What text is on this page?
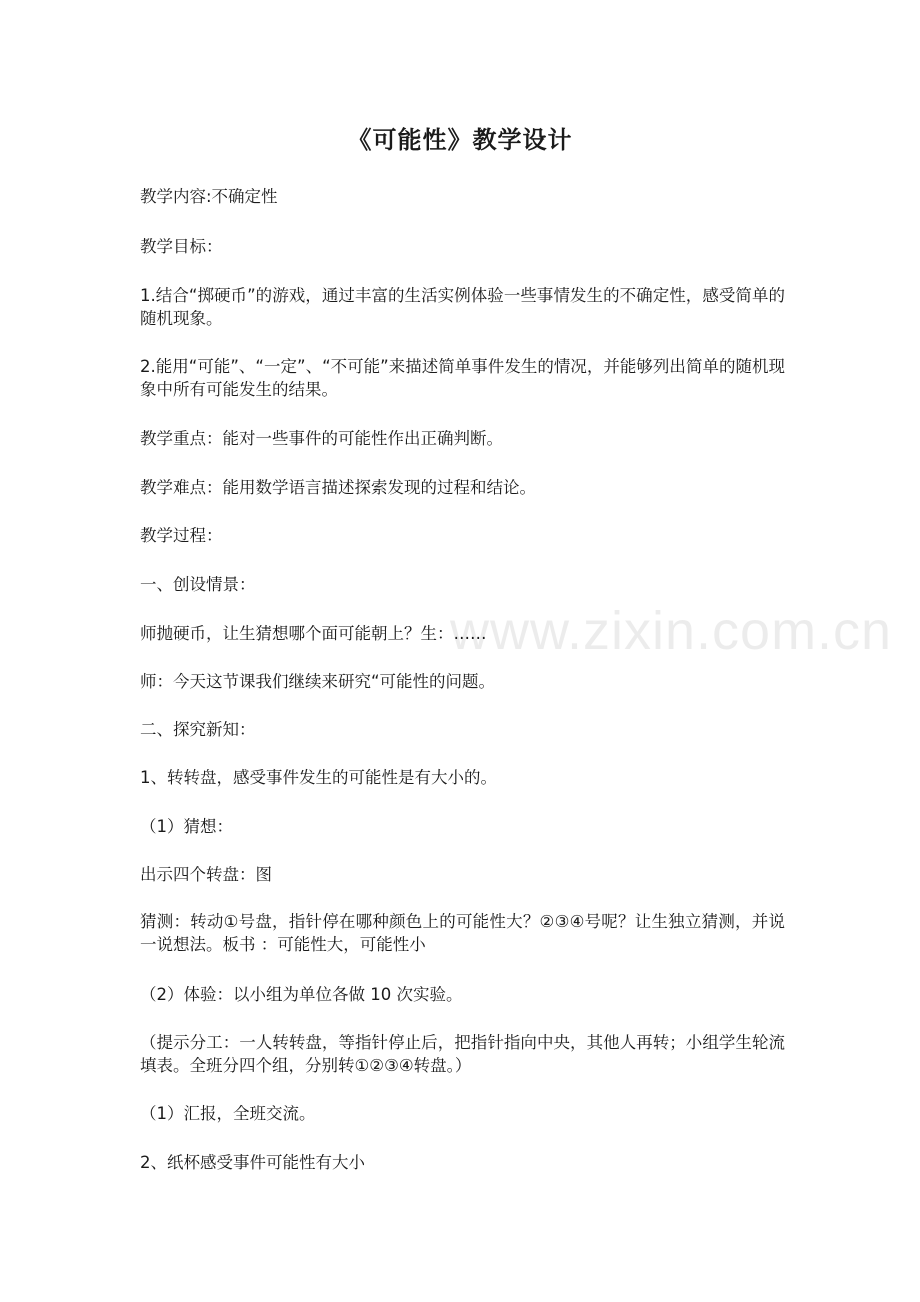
www.zixin.com.cn
《可能性》教学设计
教学内容:不确定性
教学目标：
1.结合“掷硬币”的游戏，通过丰富的生活实例体验一些事情发生的不确定性，感受简单的随机现象。
2.能用“可能”、“一定”、“不可能”来描述简单事件发生的情况，并能够列出简单的随机现象中所有可能发生的结果。
教学重点：能对一些事件的可能性作出正确判断。
教学难点：能用数学语言描述探索发现的过程和结论。
教学过程：
一、创设情景：
师抛硬币，让生猜想哪个面可能朝上？生：……
师：今天这节课我们继续来研究“可能性的问题。
二、探究新知：
1、转转盘，感受事件发生的可能性是有大小的。
（1）猜想：
出示四个转盘：图
猜测：转动①号盘，指针停在哪种颜色上的可能性大？②③④号呢？让生独立猜测，并说一说想法。板书 ：可能性大，可能性小
（2）体验：以小组为单位各做 10 次实验。
（提示分工：一人转转盘，等指针停止后，把指针指向中央，其他人再转；小组学生轮流填表。全班分四个组，分别转①②③④转盘。）
（1）汇报，全班交流。
2、纸杯感受事件可能性有大小
